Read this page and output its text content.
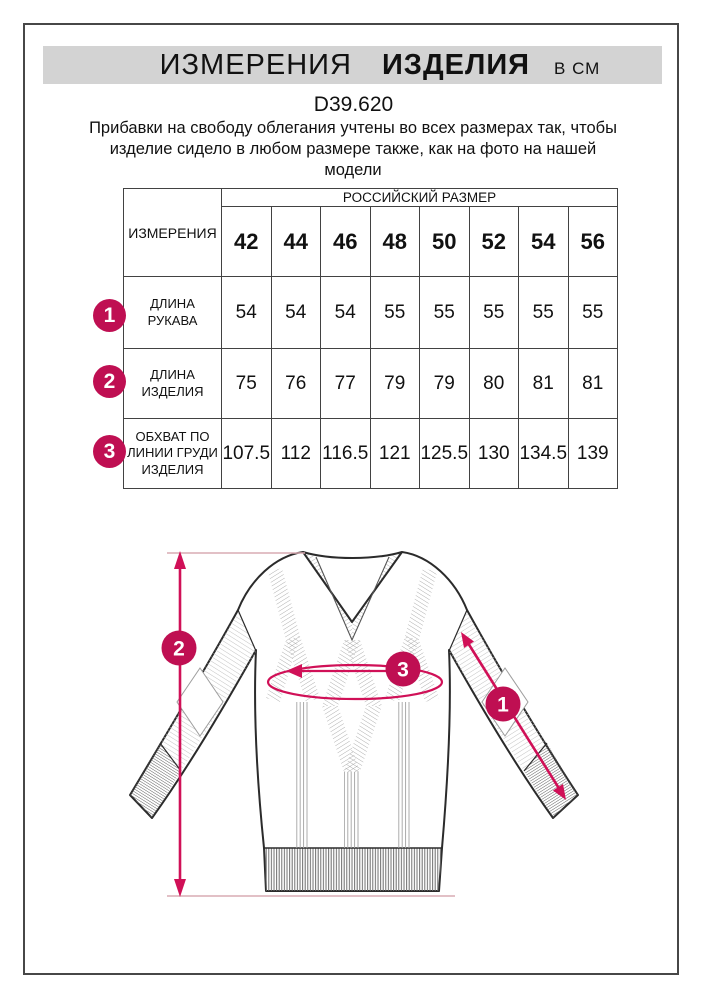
ИЗМЕРЕНИЯ ИЗДЕЛИЯ В СМ
D39.620
Прибавки на свободу облегания учтены во всех размерах так, чтобы
изделие сидело в любом размере также, как на фото на нашей
модели
ИЗМЕРЕНИЯ	РОССИЙСКИЙ РАЗМЕР							
	42	44	46	48	50	52	54	56
ДЛИНА РУКАВА	54	54	54	55	55	55	55	55
ДЛИНА ИЗДЕЛИЯ	75	76	77	79	79	80	81	81
ОБХВАТ ПО ЛИНИИ ГРУДИ ИЗДЕЛИЯ	107.5	112	116.5	121	125.5	130	134.5	139
1
2
3
2
1
3
